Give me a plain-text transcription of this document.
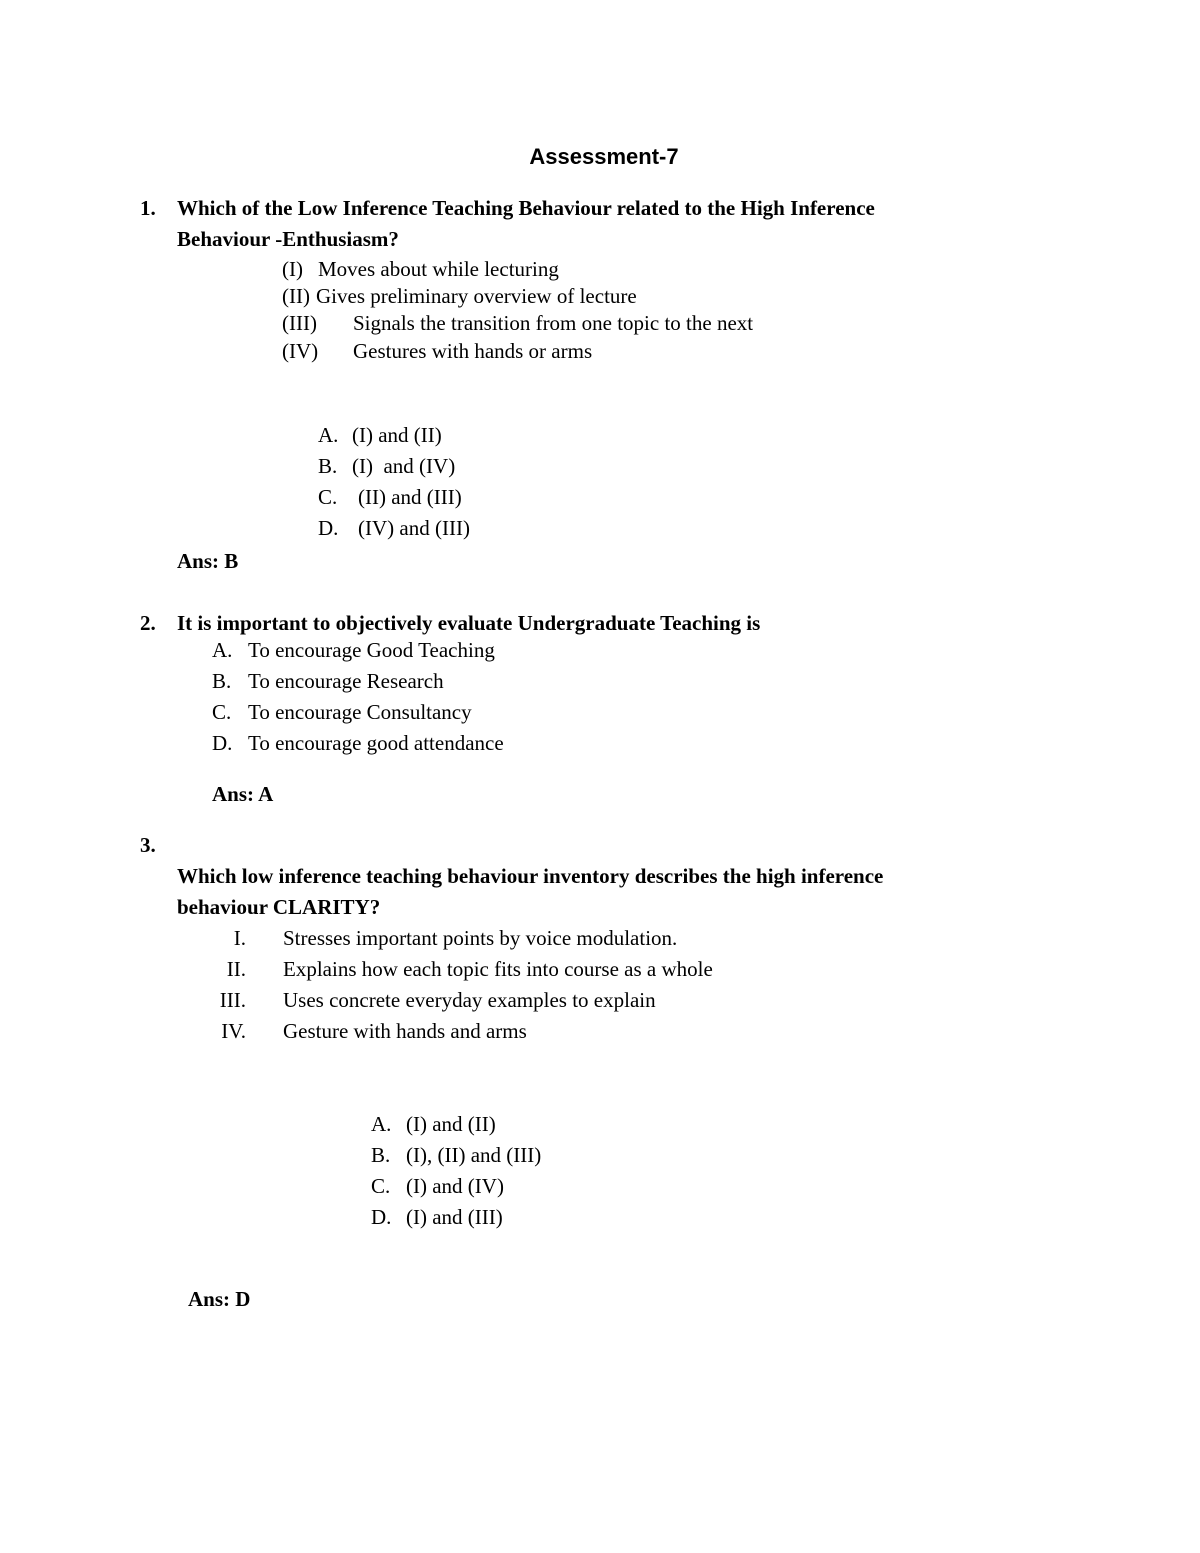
Assessment-7
1. Which of the Low Inference Teaching Behaviour related to the High Inference
Behaviour -Enthusiasm?
(I) Moves about while lecturing
(II) Gives preliminary overview of lecture
(III) Signals the transition from one topic to the next
(IV) Gestures with hands or arms
A. (I) and (II)
B. (I)  and (IV)
C. (II) and (III)
D. (IV) and (III)
Ans: B
2. It is important to objectively evaluate Undergraduate Teaching is
A. To encourage Good Teaching
B. To encourage Research
C. To encourage Consultancy
D. To encourage good attendance
Ans: A
3.
Which low inference teaching behaviour inventory describes the high inference
behaviour CLARITY?
I. Stresses important points by voice modulation.
II. Explains how each topic fits into course as a whole
III. Uses concrete everyday examples to explain
IV. Gesture with hands and arms
A. (I) and (II)
B. (I), (II) and (III)
C. (I) and (IV)
D. (I) and (III)
Ans: D
